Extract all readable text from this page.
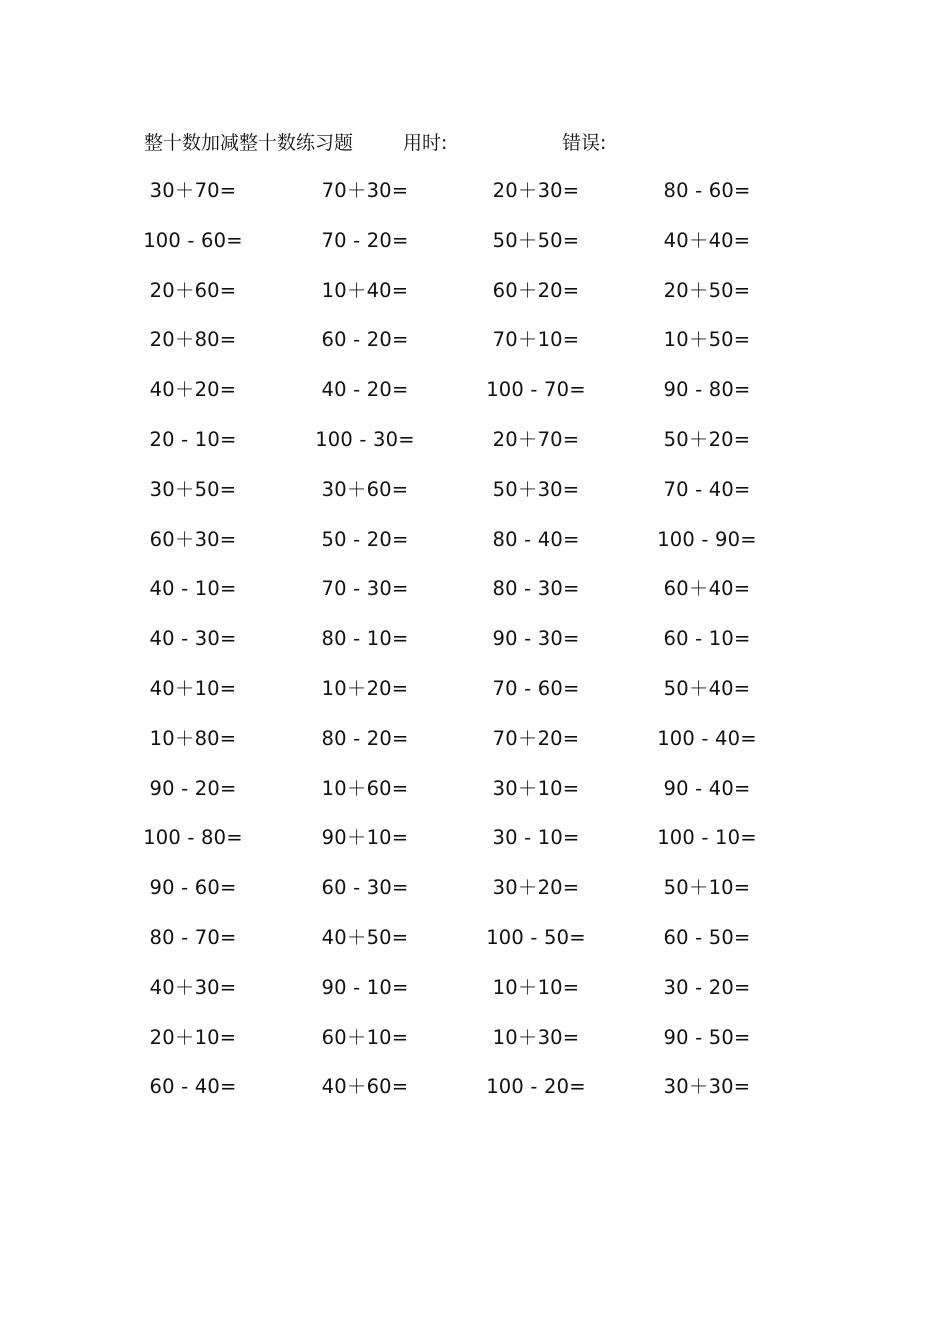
整十数加减整十数练习题	用时:	错误:
30＋70=	70＋30=	20＋30=	80 - 60=
100 - 60=	70 - 20=	50＋50=	40＋40=
20＋60=	10＋40=	60＋20=	20＋50=
20＋80=	60 - 20=	70＋10=	10＋50=
40＋20=	40 - 20=	100 - 70=	90 - 80=
20 - 10=	100 - 30=	20＋70=	50＋20=
30＋50=	30＋60=	50＋30=	70 - 40=
60＋30=	50 - 20=	80 - 40=	100 - 90=
40 - 10=	70 - 30=	80 - 30=	60＋40=
40 - 30=	80 - 10=	90 - 30=	60 - 10=
40＋10=	10＋20=	70 - 60=	50＋40=
10＋80=	80 - 20=	70＋20=	100 - 40=
90 - 20=	10＋60=	30＋10=	90 - 40=
100 - 80=	90＋10=	30 - 10=	100 - 10=
90 - 60=	60 - 30=	30＋20=	50＋10=
80 - 70=	40＋50=	100 - 50=	60 - 50=
40＋30=	90 - 10=	10＋10=	30 - 20=
20＋10=	60＋10=	10＋30=	90 - 50=
60 - 40=	40＋60=	100 - 20=	30＋30=
